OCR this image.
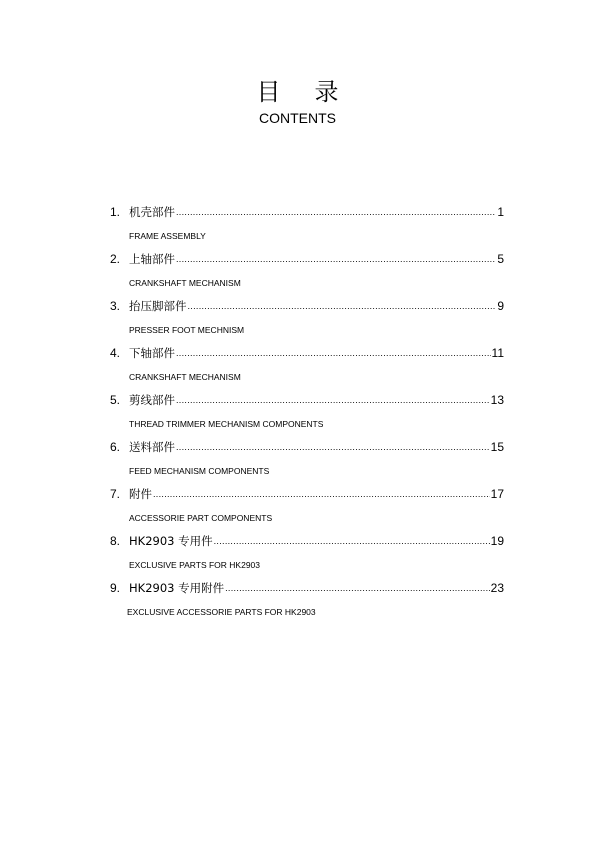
目 录
CONTENTS
1. 机壳部件 .....	1
FRAME ASSEMBLY
2. 上轴部件 .....	5
CRANKSHAFT MECHANISM
3. 抬压脚部件 .....	9
PRESSER FOOT MECHNISM
4. 下轴部件 .....	11
CRANKSHAFT MECHANISM
5. 剪线部件 .....	13
THREAD TRIMMER MECHANISM COMPONENTS
6. 送料部件 .....	15
FEED MECHANISM COMPONENTS
7. 附件 .....	17
ACCESSORIE PART COMPONENTS
8. HK2903 专用件 .....	19
EXCLUSIVE PARTS FOR HK2903
9. HK2903 专用附件 .....	23
EXCLUSIVE ACCESSORIE PARTS FOR HK2903
